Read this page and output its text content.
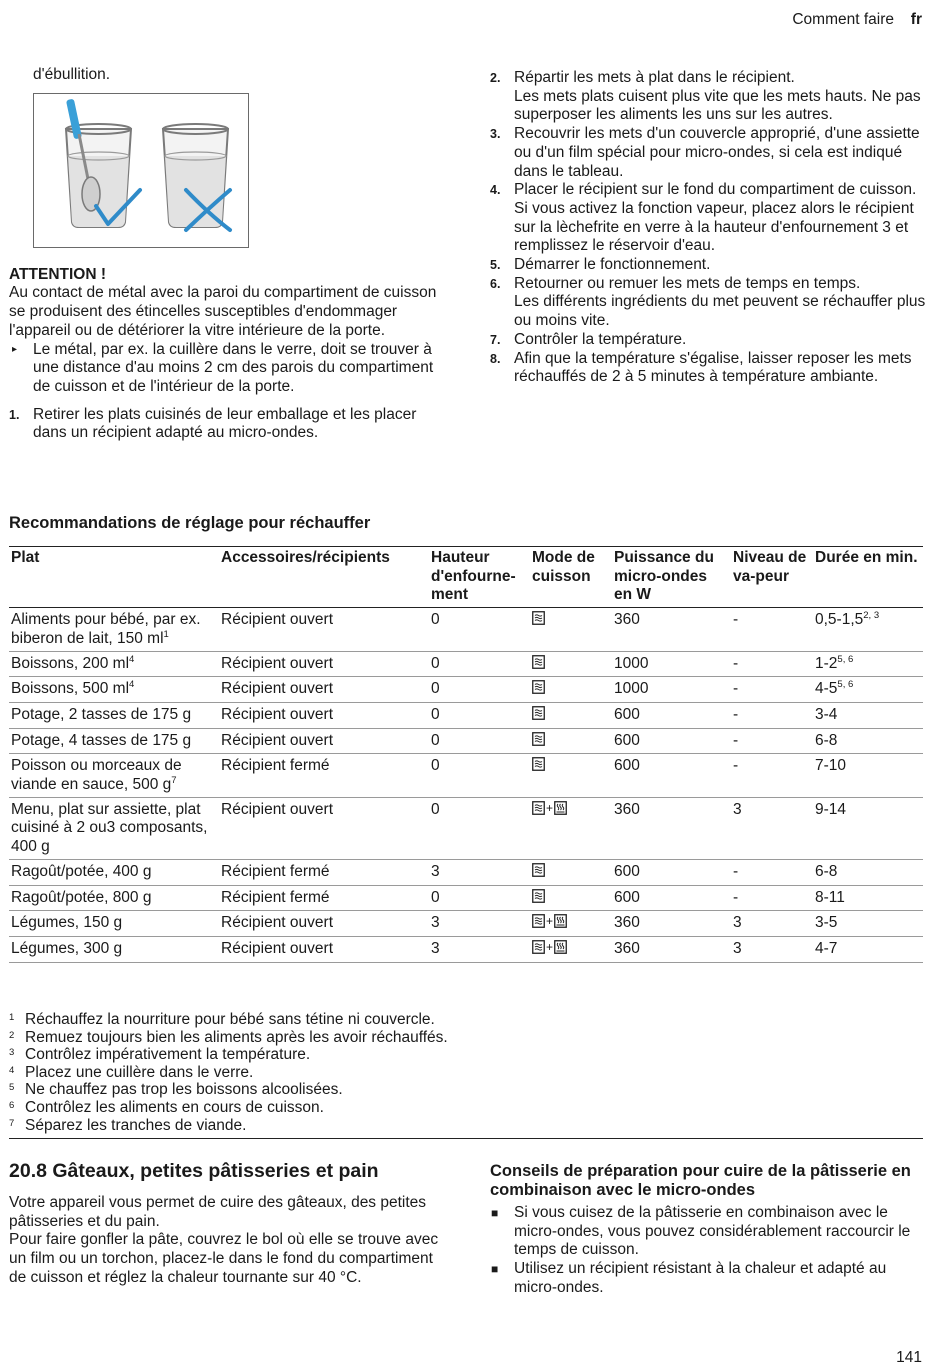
Comment faire fr
d'ébullition.
ATTENTION !
Au contact de métal avec la paroi du compartiment de cuisson se produisent des étincelles susceptibles d'endommager l'appareil ou de détériorer la vitre intérieure de la porte.
▸	Le métal, par ex. la cuillère dans le verre, doit se trouver à une distance d'au moins 2 cm des parois du compartiment de cuisson et de l'intérieur de la porte.
1. Retirer les plats cuisinés de leur emballage et les placer dans un récipient adapté au micro-ondes.
2. Répartir les mets à plat dans le récipient.
Les mets plats cuisent plus vite que les mets hauts. Ne pas superposer les aliments les uns sur les autres.
3. Recouvrir les mets d'un couvercle approprié, d'une assiette ou d'un film spécial pour micro-ondes, si cela est indiqué dans le tableau.
4. Placer le récipient sur le fond du compartiment de cuisson.
Si vous activez la fonction vapeur, placez alors le récipient sur la lèchefrite en verre à la hauteur d'enfournement 3 et remplissez le réservoir d'eau.
5. Démarrer le fonctionnement.
6. Retourner ou remuer les mets de temps en temps.
Les différents ingrédients du met peuvent se réchauffer plus ou moins vite.
7. Contrôler la température.
8. Afin que la température s'égalise, laisser reposer les mets réchauffés de 2 à 5 minutes à température ambiante.
Recommandations de réglage pour réchauffer
Plat	Accessoires/récipients	Hauteur d'enfourne-ment	Mode de cuisson	Puissance du micro-ondes en W	Niveau de va-peur	Durée en min.
Aliments pour bébé, par ex. biberon de lait, 150 $ml^1$	Récipient ouvert	0		360	-	0,5-1,5$^{2, 3}$
Boissons, 200 $ml^4$	Récipient ouvert	0		1000	-	1-2$^{5, 6}$
Boissons, 500 $ml^4$	Récipient ouvert	0		1000	-	4-5$^{5, 6}$
Potage, 2 tasses de 175 g	Récipient ouvert	0		600	-	3-4
Potage, 4 tasses de 175 g	Récipient ouvert	0		600	-	6-8
Poisson ou morceaux de viande en sauce, 500 $g^7$	Récipient fermé	0		600	-	7-10
Menu, plat sur assiette, plat cuisiné à 2 ou3 composants, 400 g	Récipient ouvert	0	+	360	3	9-14
Ragoût/potée, 400 g	Récipient fermé	3		600	-	6-8
Ragoût/potée, 800 g	Récipient fermé	0		600	-	8-11
Légumes, 150 g	Récipient ouvert	3	+	360	3	3-5
Légumes, 300 g	Récipient ouvert	3	+	360	3	4-7
1 Réchauffez la nourriture pour bébé sans tétine ni couvercle.
2 Remuez toujours bien les aliments après les avoir réchauffés.
3 Contrôlez impérativement la température.
4 Placez une cuillère dans le verre.
5 Ne chauffez pas trop les boissons alcoolisées.
6 Contrôlez les aliments en cours de cuisson.
7 Séparez les tranches de viande.
20.8 Gâteaux, petites pâtisseries et pain
Votre appareil vous permet de cuire des gâteaux, des petites pâtisseries et du pain.
Pour faire gonfler la pâte, couvrez le bol où elle se trouve avec un film ou un torchon, placez-le dans le fond du compartiment de cuisson et réglez la chaleur tournante sur 40 °C.
Conseils de préparation pour cuire de la pâtisserie en combinaison avec le micro-ondes
■	Si vous cuisez de la pâtisserie en combinaison avec le micro-ondes, vous pouvez considérablement raccourcir le temps de cuisson.
■	Utilisez un récipient résistant à la chaleur et adapté au micro-ondes.
141
